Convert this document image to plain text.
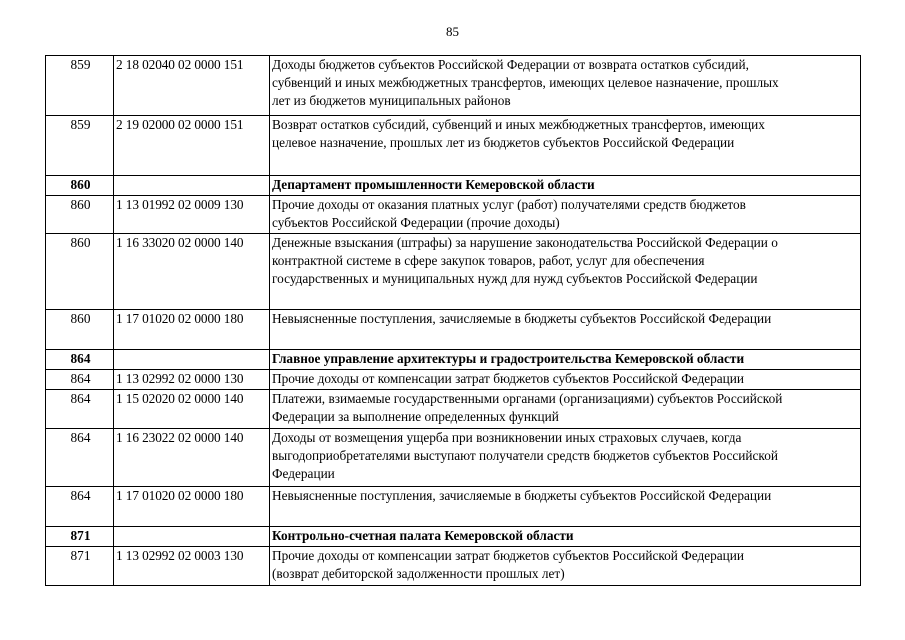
85
859	2 18 02040 02 0000 151	Доходы бюджетов субъектов Российской Федерации от возврата остатков субсидий,
субвенций и иных межбюджетных трансфертов, имеющих целевое назначение, прошлых
лет из бюджетов муниципальных районов

859	2 19 02000 02 0000 151	Возврат остатков субсидий, субвенций и иных межбюджетных трансфертов, имеющих
целевое назначение, прошлых лет из бюджетов субъектов Российской Федерации

860		Департамент промышленности Кемеровской области

860	1 13 01992 02 0009 130	Прочие доходы от оказания платных услуг (работ) получателями средств бюджетов
субъектов Российской Федерации (прочие доходы)

860	1 16 33020 02 0000 140	Денежные взыскания (штрафы) за нарушение законодательства Российской Федерации о
контрактной системе в сфере закупок товаров, работ, услуг для обеспечения
государственных и муниципальных нужд для нужд субъектов Российской Федерации

860	1 17 01020 02 0000 180	Невыясненные поступления, зачисляемые в бюджеты субъектов Российской Федерации

864		Главное управление архитектуры и градостроительства Кемеровской области

864	1 13 02992 02 0000 130	Прочие доходы от компенсации затрат бюджетов субъектов Российской Федерации

864	1 15 02020 02 0000 140	Платежи, взимаемые государственными органами (организациями) субъектов Российской
Федерации за выполнение определенных функций

864	1 16 23022 02 0000 140	Доходы от возмещения ущерба при возникновении иных страховых случаев, когда
выгодоприобретателями выступают получатели средств бюджетов субъектов Российской
Федерации

864	1 17 01020 02 0000 180	Невыясненные поступления, зачисляемые в бюджеты субъектов Российской Федерации

871		Контрольно-счетная палата Кемеровской области

871	1 13 02992 02 0003 130	Прочие доходы от компенсации затрат бюджетов субъектов Российской Федерации
(возврат дебиторской задолженности прошлых лет)
